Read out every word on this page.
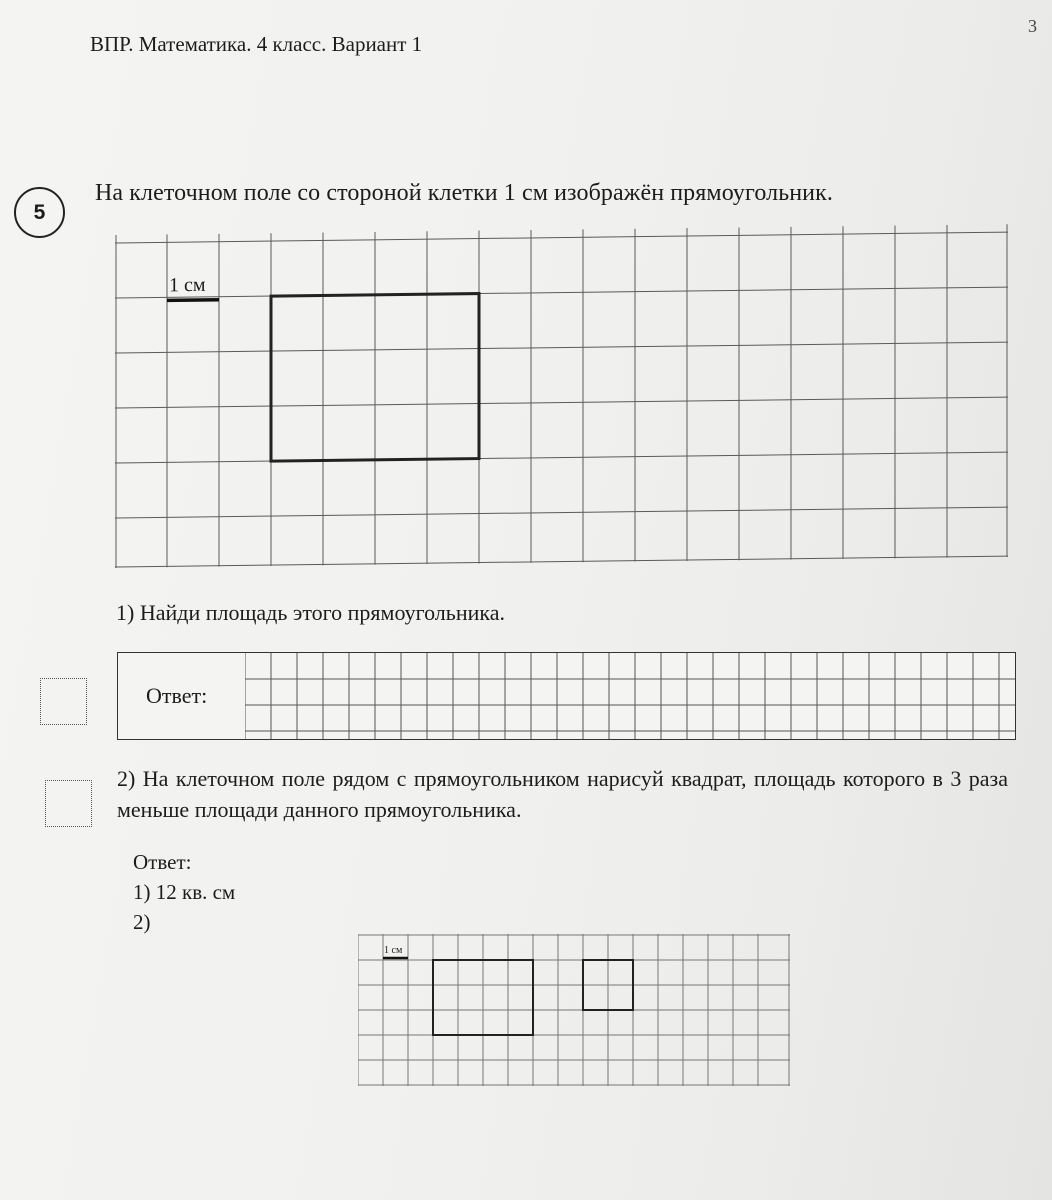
ВПР. Математика. 4 класс. Вариант 1
3
5
На клеточном поле со стороной клетки 1 см изображён прямоугольник.
1 см
1) Найди площадь этого прямоугольника.
Ответ:
2) На клеточном поле рядом с прямоугольником нарисуй квадрат, площадь которого в 3 раза меньше площади данного прямоугольника.
Ответ:
1) 12 кв. см
2)
1 см
